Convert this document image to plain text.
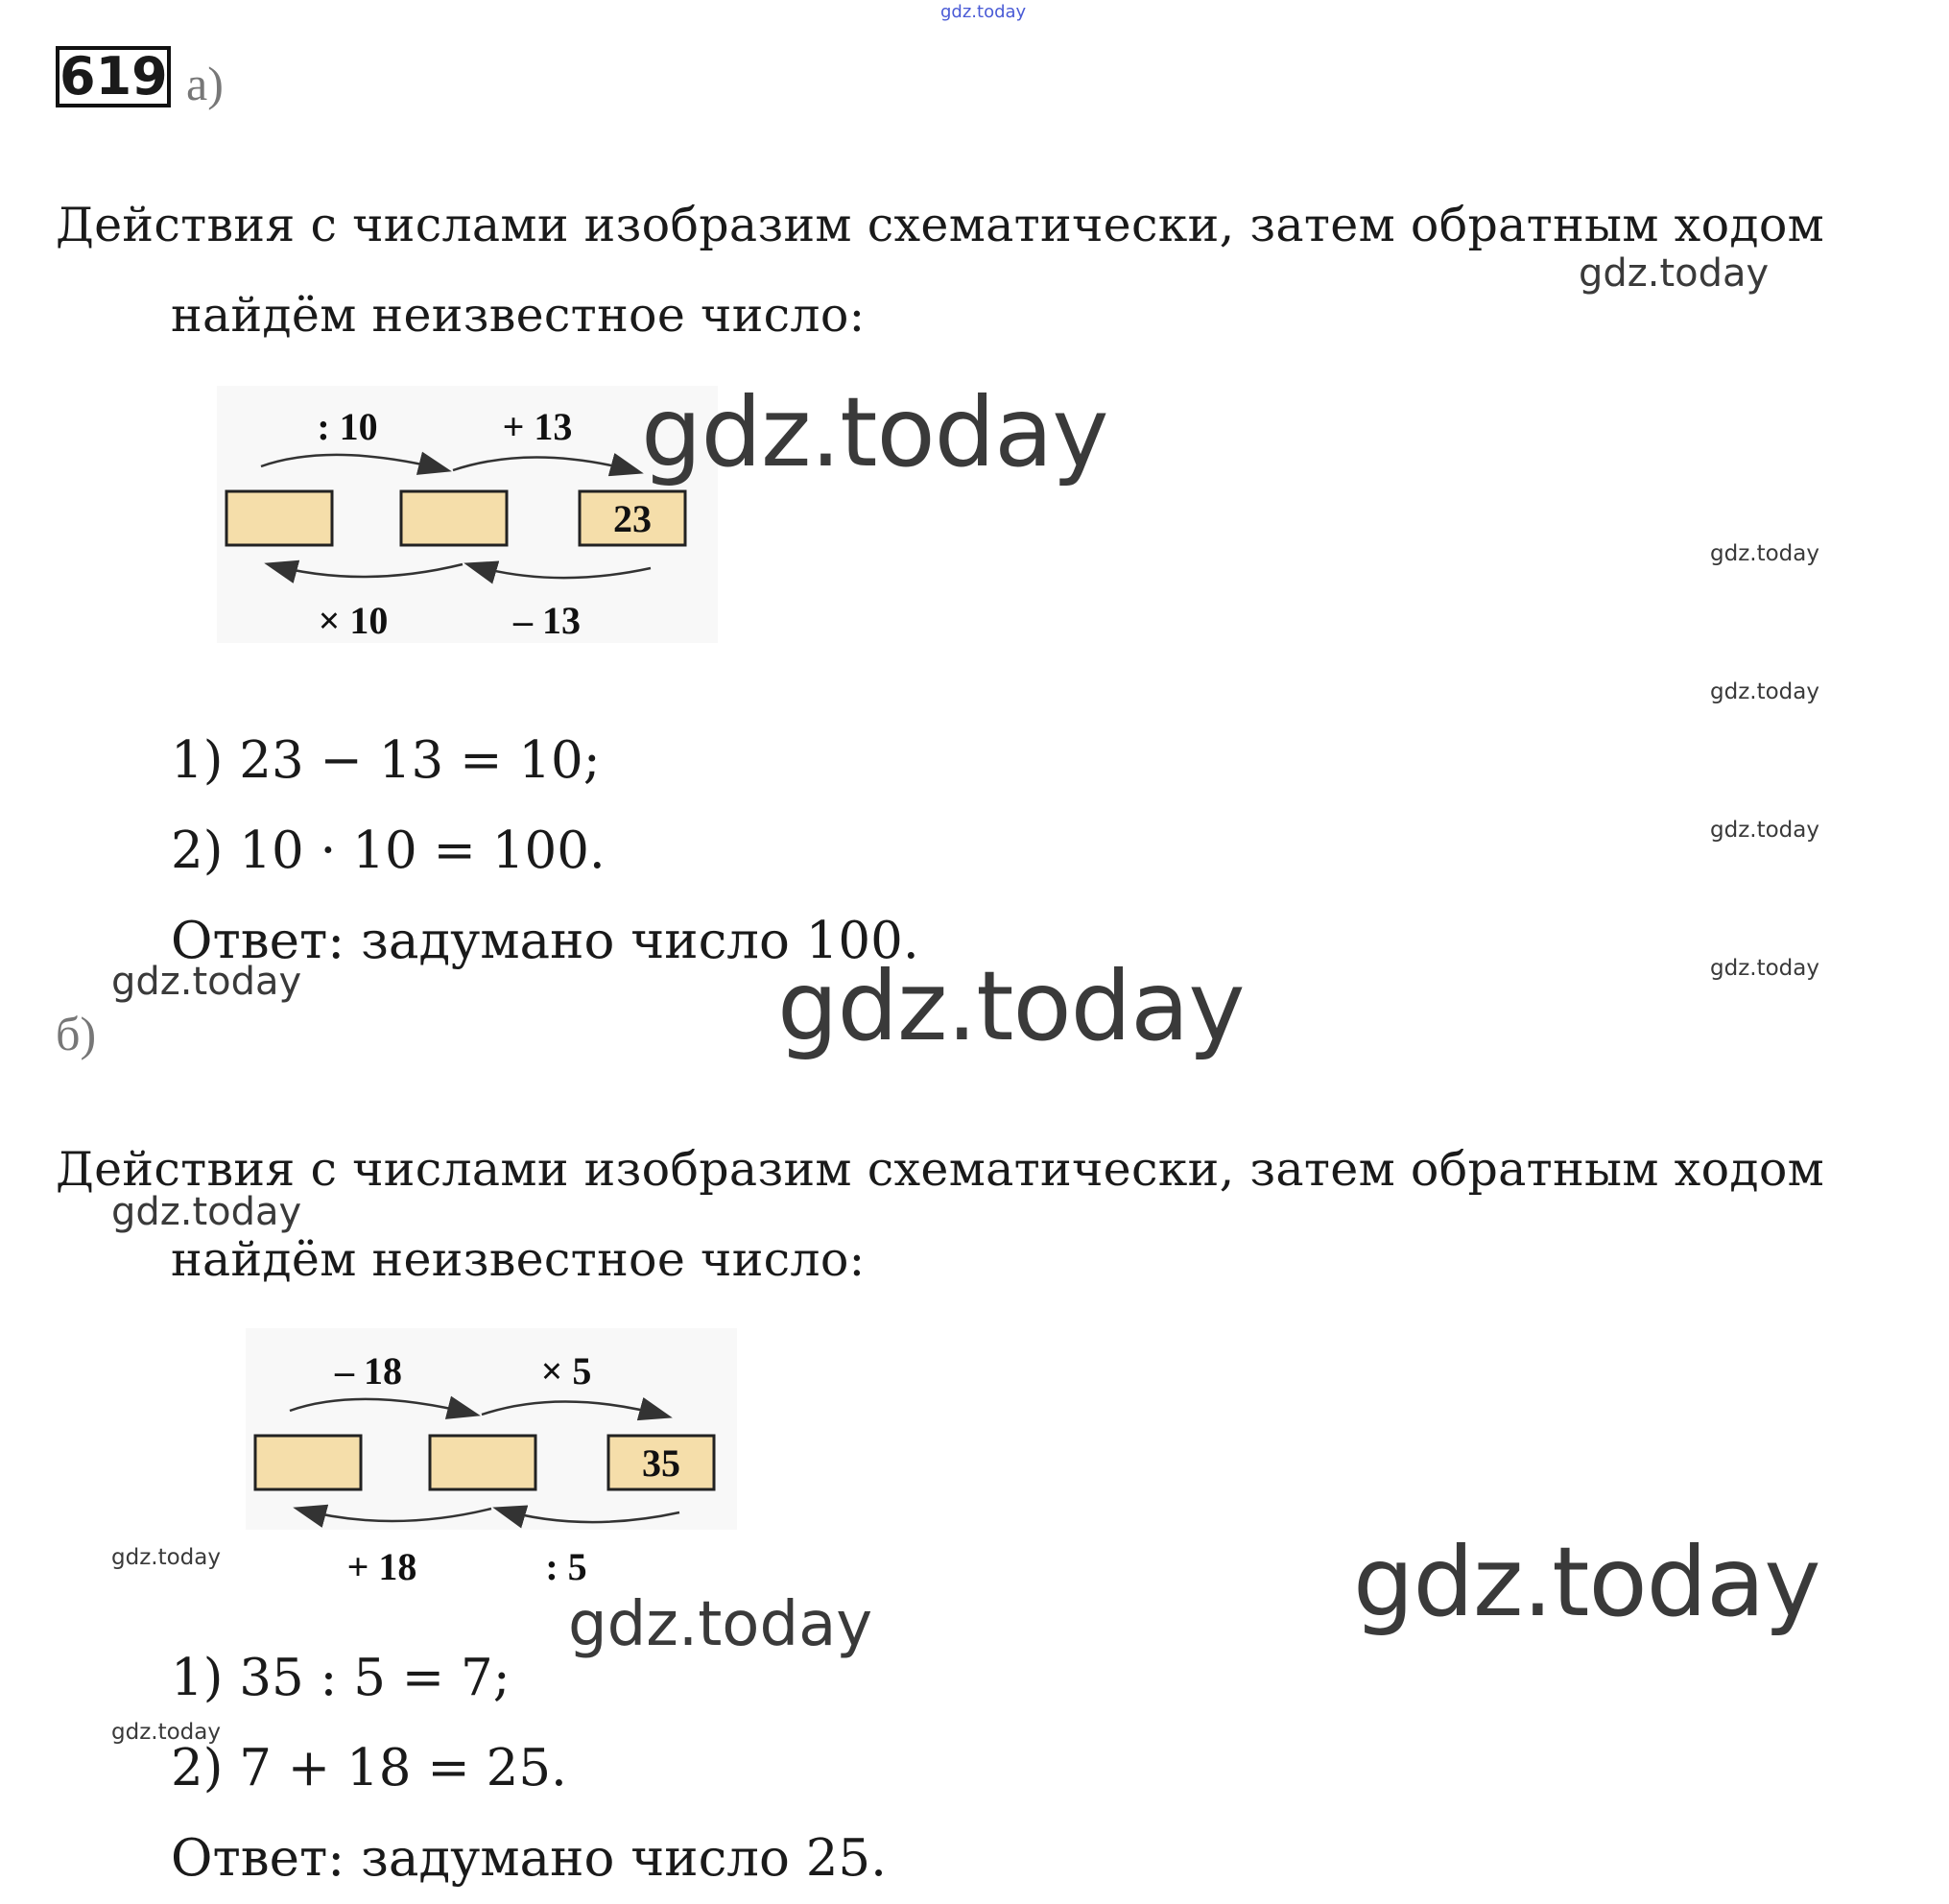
gdz.today
619 а)
Действия с числами изобразим схематически, затем обратным ходом
gdz.today
найдём неизвестное число:
23
: 10	+ 13
× 10	– 13
gdz.today
gdz.today
gdz.today
1) 23 − 13 = 10;
gdz.today
2) 10 · 10 = 100.
Ответ: задумано число 100.	gdz.today
gdz.today	gdz.today
б)
Действия с числами изобразим схематически, затем обратным ходом
gdz.today
найдём неизвестное число:
35
– 18	× 5
+ 18	: 5
gdz.today	gdz.today
gdz.today
1) 35 : 5 = 7;
gdz.today
2) 7 + 18 = 25.
Ответ: задумано число 25.
